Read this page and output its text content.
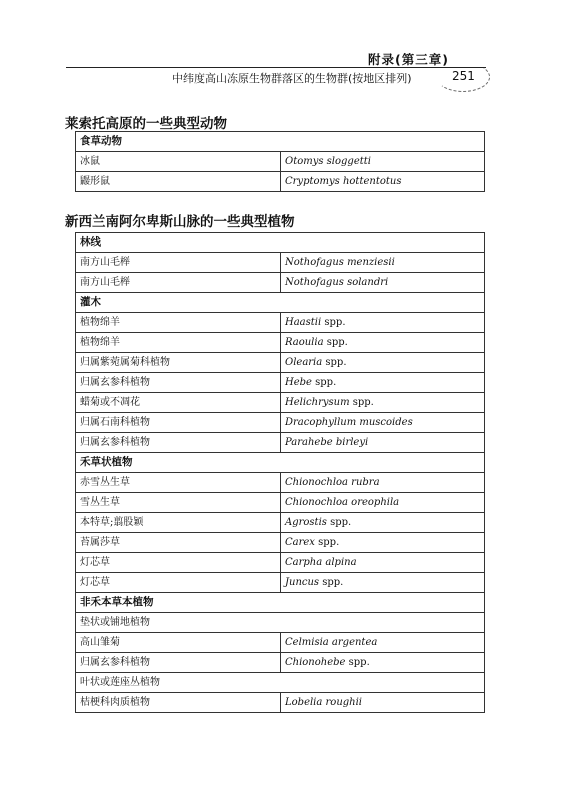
附录(第三章)
中纬度高山冻原生物群落区的生物群(按地区排列)	251
莱索托高原的一些典型动物
食草动物	
冰鼠	Otomys sloggetti
鼹形鼠	Cryptomys hottentotus
新西兰南阿尔卑斯山脉的一些典型植物
林线	
南方山毛榉	Nothofagus menziesii
南方山毛榉	Nothofagus solandri
灌木	
植物绵羊	Haastii spp.
植物绵羊	Raoulia spp.
归属紫菀属菊科植物	Olearia spp.
归属玄参科植物	Hebe spp.
蜡菊或不凋花	Helichrysum spp.
归属石南科植物	Dracophyllum muscoides
归属玄参科植物	Parahebe birleyi
禾草状植物	
赤雪丛生草	Chionochloa rubra
雪丛生草	Chionochloa oreophila
本特草;翦股颖	Agrostis spp.
苔属莎草	Carex spp.
灯芯草	Carpha alpina
灯芯草	Juncus spp.
非禾本草本植物	
垫状或铺地植物	
高山雏菊	Celmisia argentea
归属玄参科植物	Chionohebe spp.
叶状或莲座丛植物	
桔梗科肉质植物	Lobelia roughii
